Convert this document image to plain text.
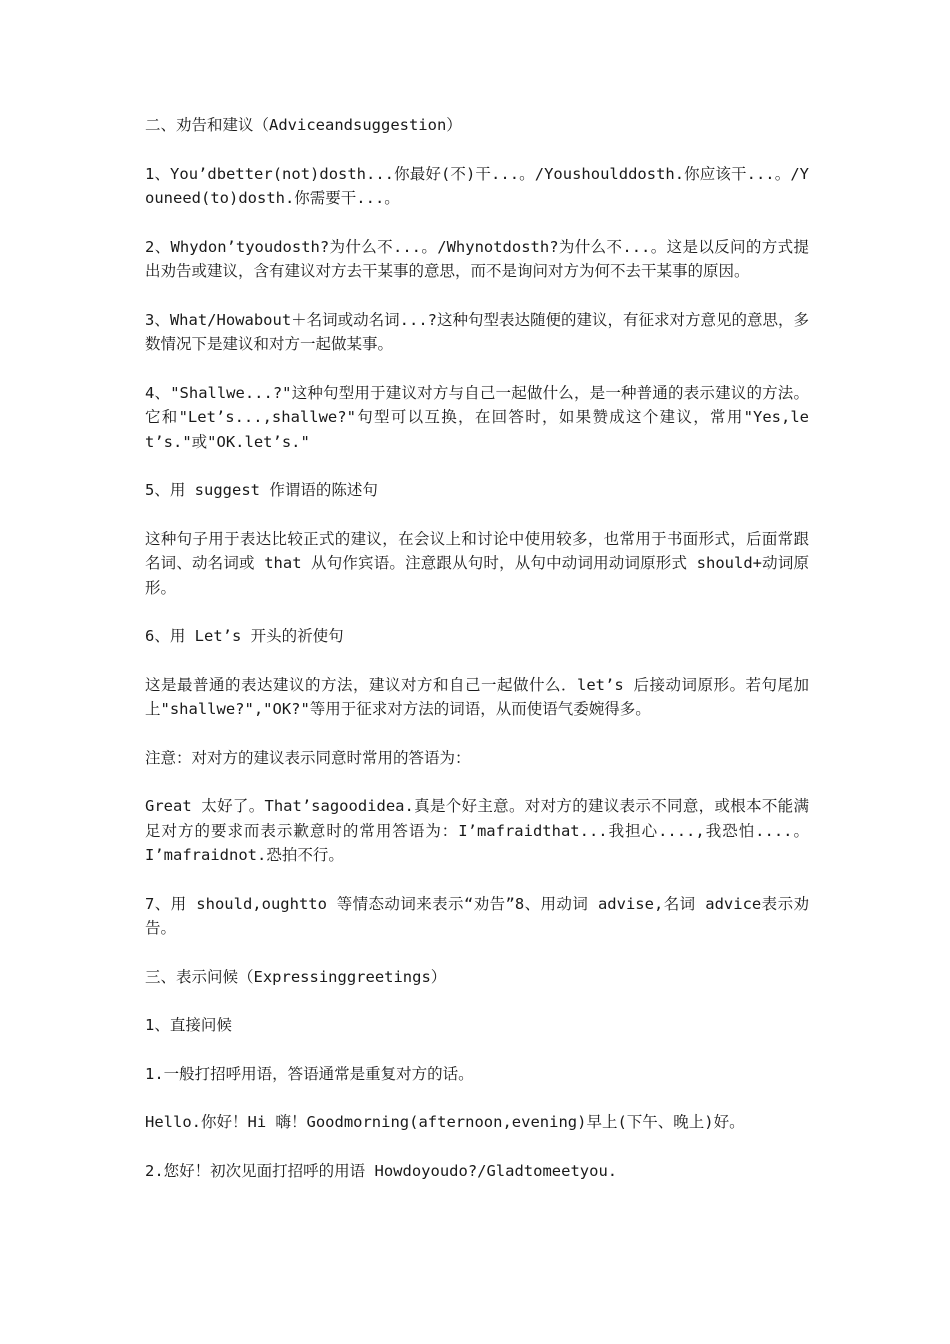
二、劝告和建议（Adviceandsuggestion）

1、You’dbetter(not)dosth...你最好(不)干...。/Youshoulddosth.你应该干...。/Youneed(to)dosth.你需要干...。

2、Whydon’tyoudosth?为什么不...。/Whynotdosth?为什么不...。这是以反问的方式提出劝告或建议，含有建议对方去干某事的意思，而不是询问对方为何不去干某事的原因。

3、What/Howabout＋名词或动名词...?这种句型表达随便的建议，有征求对方意见的意思，多数情况下是建议和对方一起做某事。

4、"Shallwe...?"这种句型用于建议对方与自己一起做什么，是一种普通的表示建议的方法。它和"Let’s...,shallwe?"句型可以互换，在回答时，如果赞成这个建议，常用"Yes,let’s."或"OK.let’s."

5、用 suggest 作谓语的陈述句

这种句子用于表达比较正式的建议，在会议上和讨论中使用较多，也常用于书面形式，后面常跟名词、动名词或 that 从句作宾语。注意跟从句时，从句中动词用动词原形式 should+动词原形。

6、用 Let’s 开头的祈使句

这是最普通的表达建议的方法，建议对方和自己一起做什么．let’s 后接动词原形。若句尾加上"shallwe?","OK?"等用于征求对方法的词语，从而使语气委婉得多。

注意：对对方的建议表示同意时常用的答语为：

Great 太好了。That’sagoodidea.真是个好主意。对对方的建议表示不同意，或根本不能满足对方的要求而表示歉意时的常用答语为：I’mafraidthat...我担心....,我恐怕....。I’mafraidnot.恐拍不行。

7、用 should,oughtto 等情态动词来表示“劝告”8、用动词 advise,名词 advice表示劝告。

三、表示问候（Expressinggreetings）

1、直接问候

1.一般打招呼用语，答语通常是重复对方的话。

Hello.你好！Hi 嗨！Goodmorning(afternoon,evening)早上(下午、晚上)好。

2.您好！初次见面打招呼的用语 Howdoyoudo?/Gladtomeetyou.
